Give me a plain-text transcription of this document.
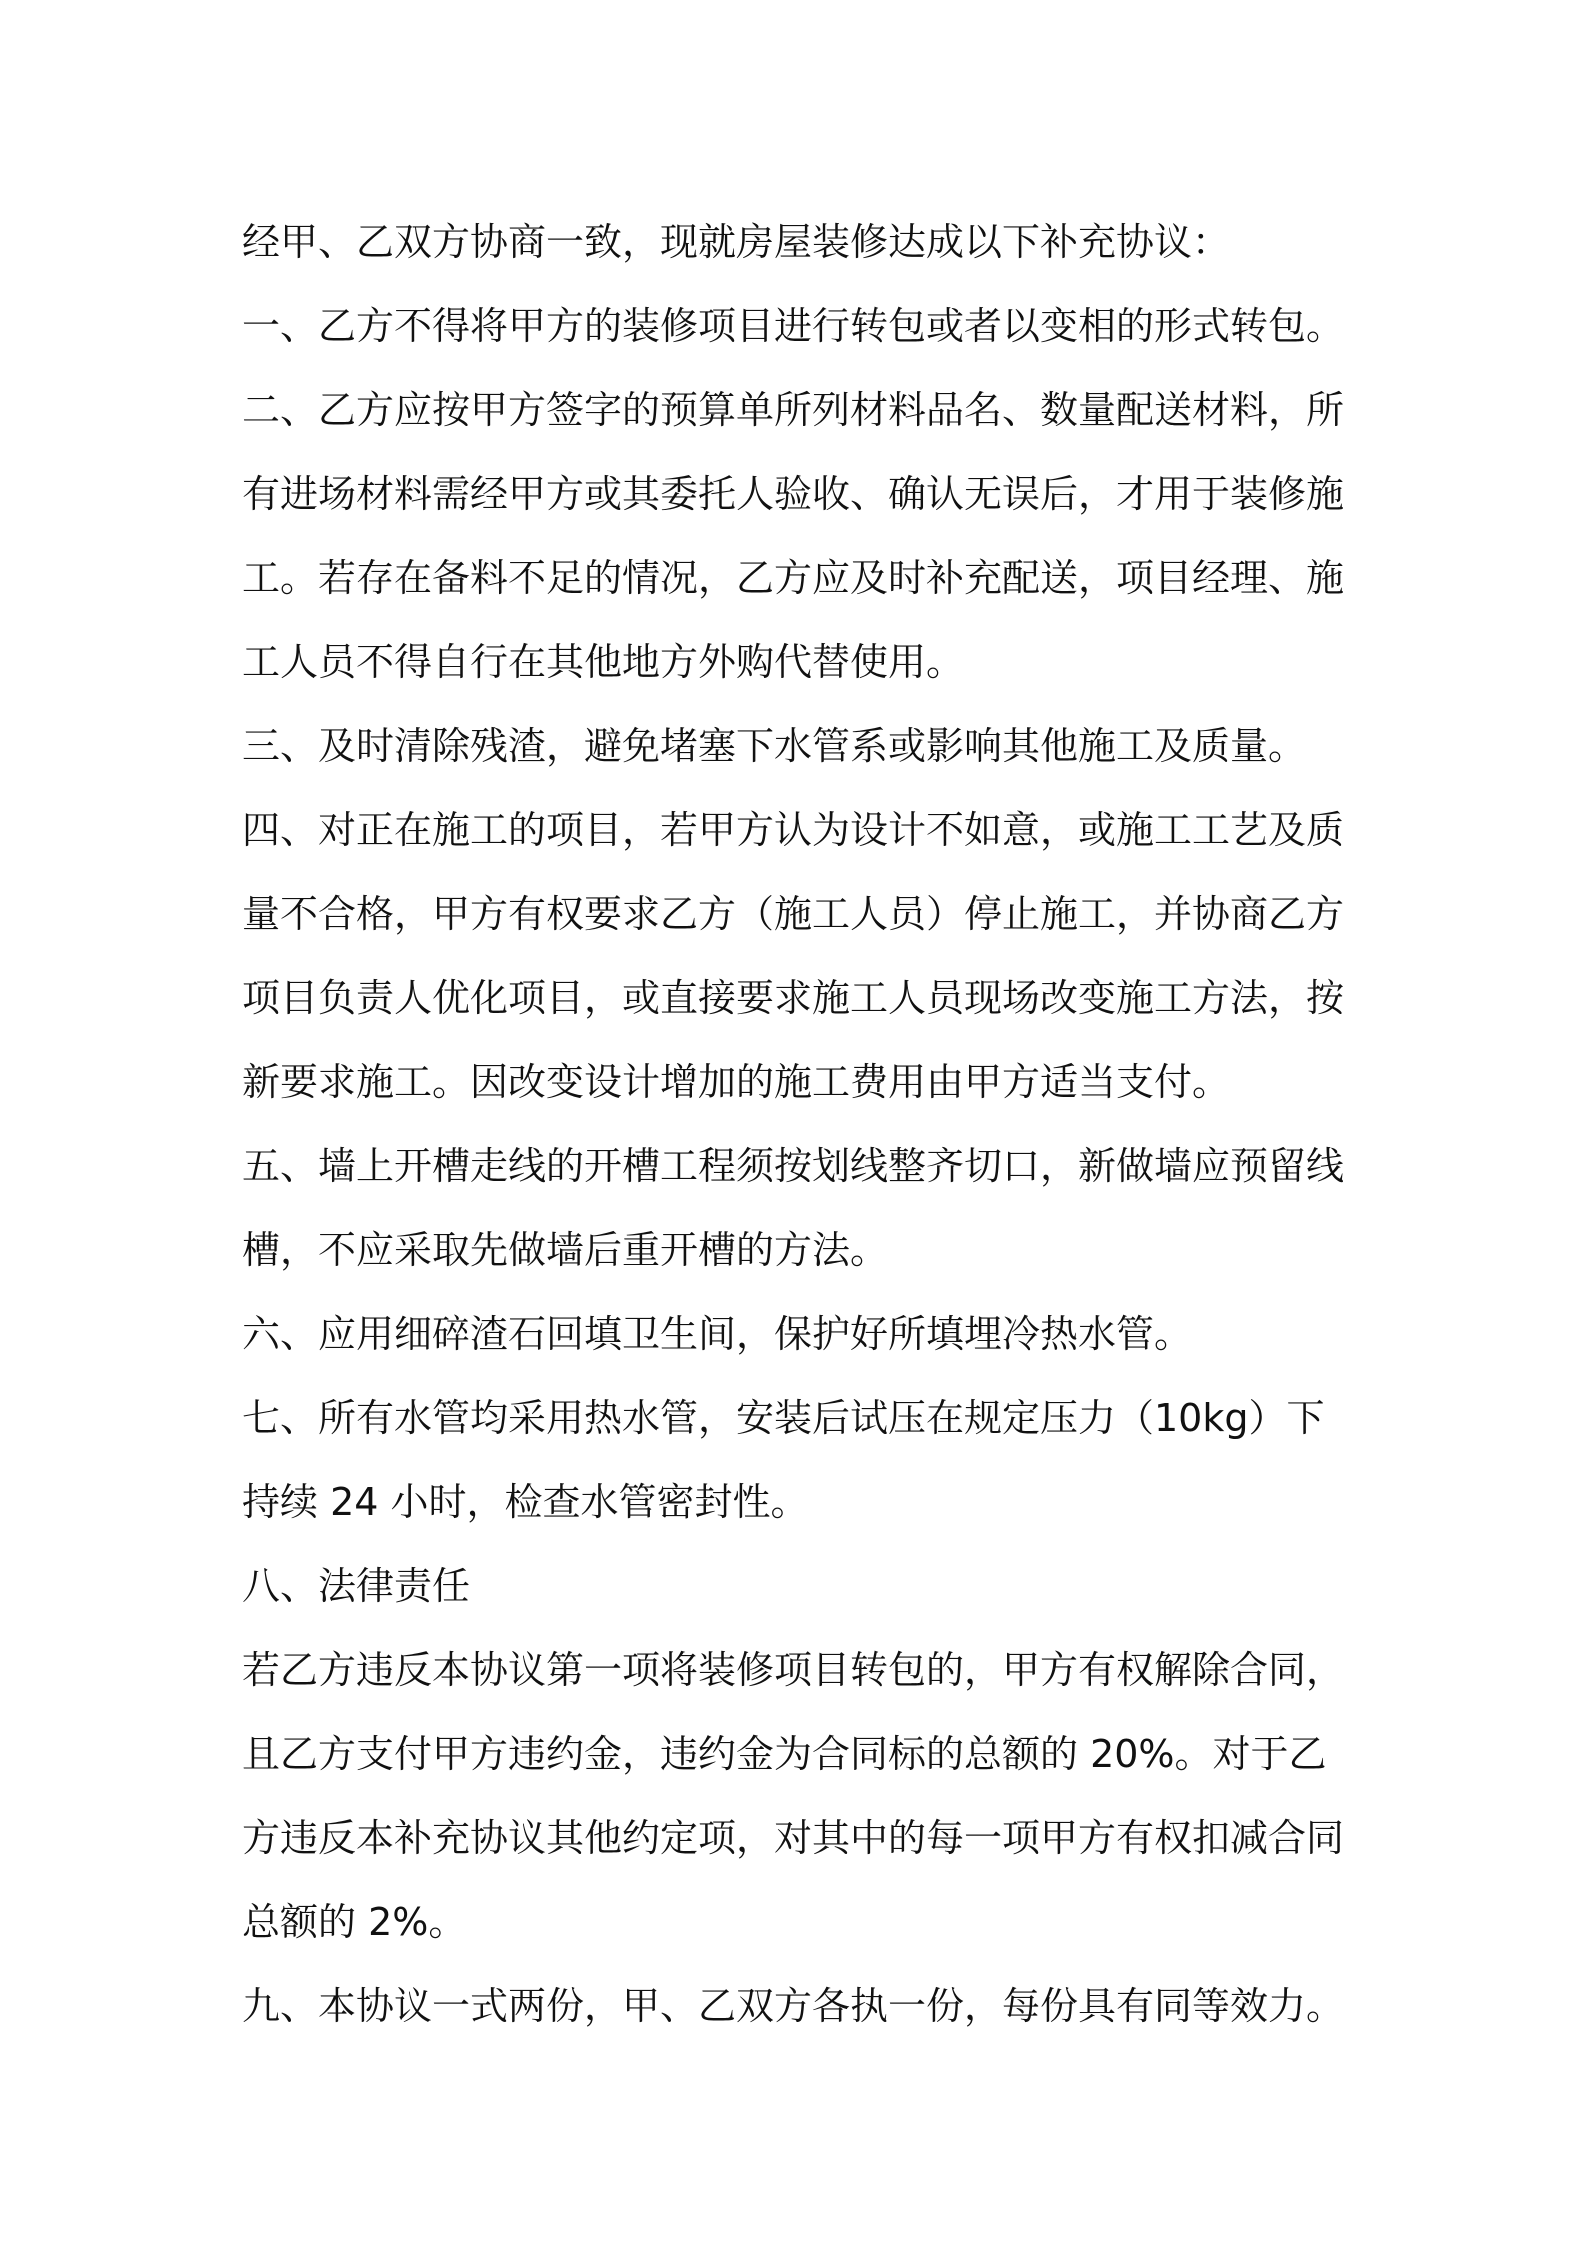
经甲、乙双方协商一致，现就房屋装修达成以下补充协议：

一、乙方不得将甲方的装修项目进行转包或者以变相的形式转包。

二、乙方应按甲方签字的预算单所列材料品名、数量配送材料，所有进场材料需经甲方或其委托人验收、确认无误后，才用于装修施工。若存在备料不足的情况，乙方应及时补充配送，项目经理、施工人员不得自行在其他地方外购代替使用。

三、及时清除残渣，避免堵塞下水管系或影响其他施工及质量。

四、对正在施工的项目，若甲方认为设计不如意，或施工工艺及质量不合格，甲方有权要求乙方（施工人员）停止施工，并协商乙方项目负责人优化项目，或直接要求施工人员现场改变施工方法，按新要求施工。因改变设计增加的施工费用由甲方适当支付。

五、墙上开槽走线的开槽工程须按划线整齐切口，新做墙应预留线槽，不应采取先做墙后重开槽的方法。

六、应用细碎渣石回填卫生间，保护好所填埋冷热水管。

七、所有水管均采用热水管，安装后试压在规定压力（10kg）下持续 24 小时，检查水管密封性。

八、法律责任

若乙方违反本协议第一项将装修项目转包的，甲方有权解除合同，且乙方支付甲方违约金，违约金为合同标的总额的 20%。对于乙方违反本补充协议其他约定项，对其中的每一项甲方有权扣减合同总额的 2%。

九、本协议一式两份，甲、乙双方各执一份，每份具有同等效力。
